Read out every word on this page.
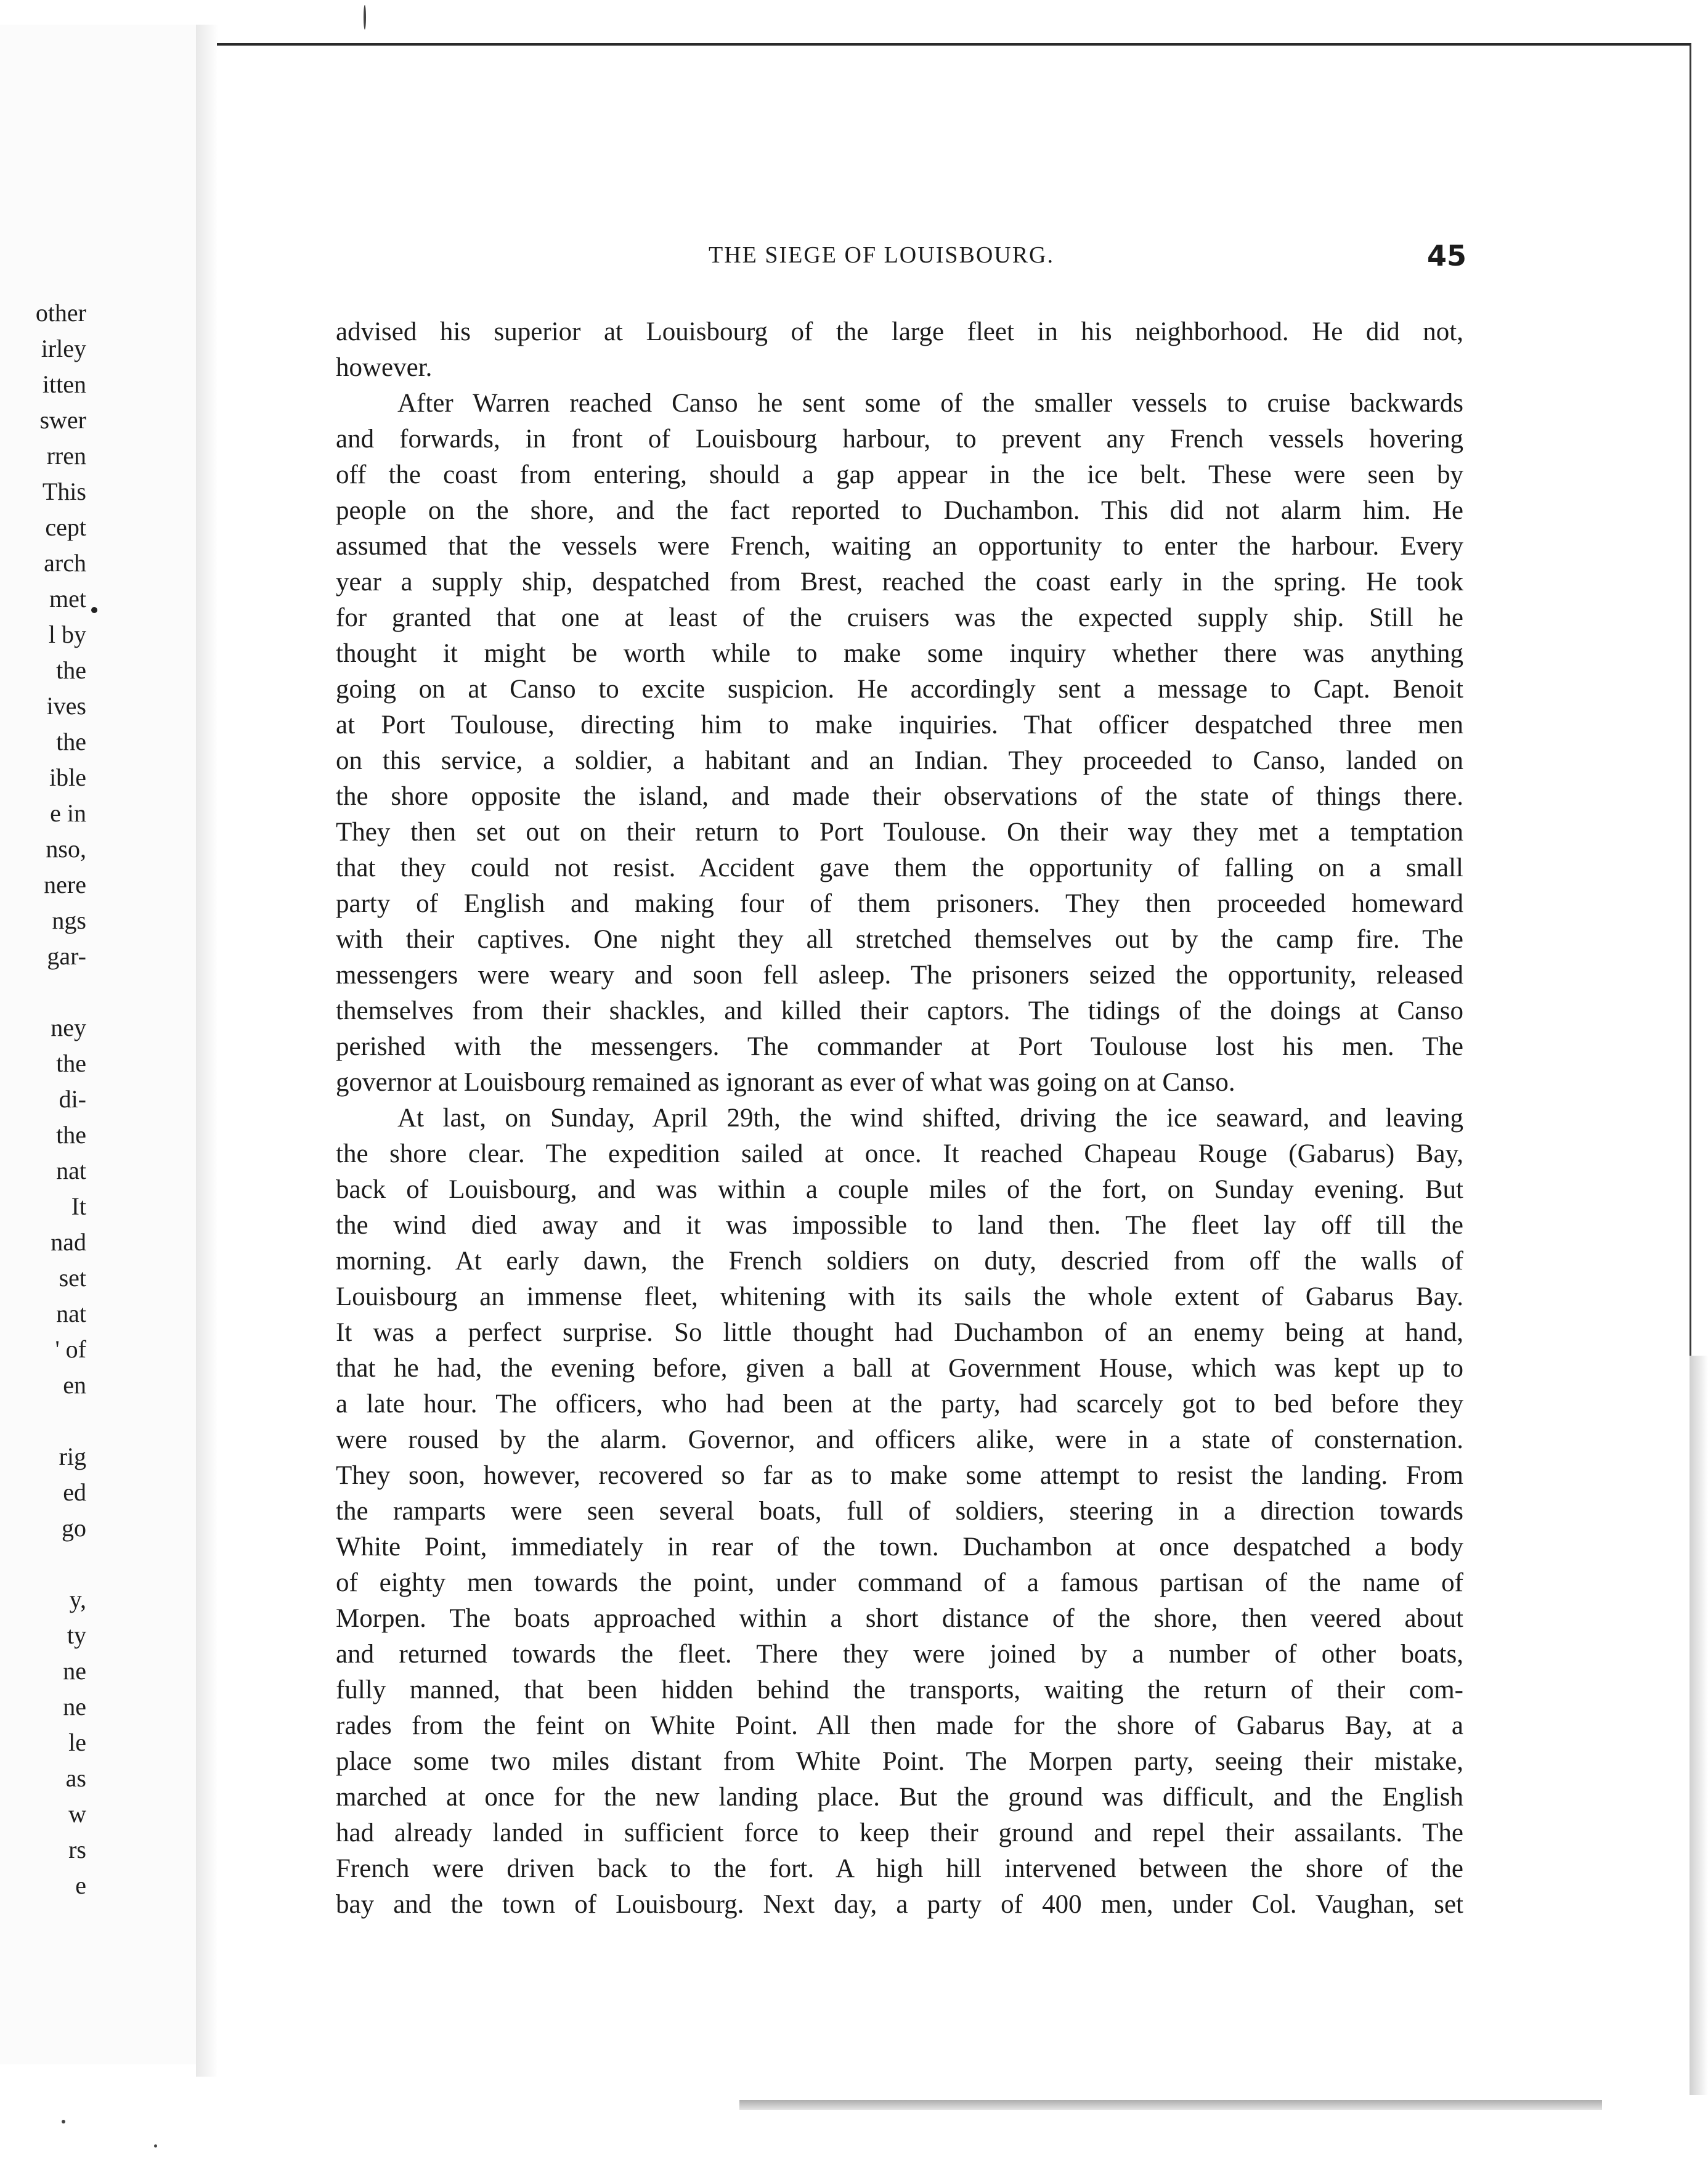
other
irley
itten
swer
rren
This
cept
arch
met
l by
the
ives
the
ible
e in
nso,
nere
ngs
gar-
ney
the
di-
the
nat
It
nad
set
nat
' of
en
rig
ed
go
y,
ty
ne
ne
le
as
w
rs
e
THE SIEGE OF LOUISBOURG.	45
advised his superior at Louisbourg of the large fleet in his neighborhood. He did not,
however.
After Warren reached Canso he sent some of the smaller vessels to cruise backwards
and forwards, in front of Louisbourg harbour, to prevent any French vessels hovering
off the coast from entering, should a gap appear in the ice belt. These were seen by
people on the shore, and the fact reported to Duchambon. This did not alarm him. He
assumed that the vessels were French, waiting an opportunity to enter the harbour. Every
year a supply ship, despatched from Brest, reached the coast early in the spring. He took
for granted that one at least of the cruisers was the expected supply ship. Still he
thought it might be worth while to make some inquiry whether there was anything
going on at Canso to excite suspicion. He accordingly sent a message to Capt. Benoit
at Port Toulouse, directing him to make inquiries. That officer despatched three men
on this service, a soldier, a habitant and an Indian. They proceeded to Canso, landed on
the shore opposite the island, and made their observations of the state of things there.
They then set out on their return to Port Toulouse. On their way they met a temptation
that they could not resist. Accident gave them the opportunity of falling on a small
party of English and making four of them prisoners. They then proceeded homeward
with their captives. One night they all stretched themselves out by the camp fire. The
messengers were weary and soon fell asleep. The prisoners seized the opportunity, released
themselves from their shackles, and killed their captors. The tidings of the doings at Canso
perished with the messengers. The commander at Port Toulouse lost his men. The
governor at Louisbourg remained as ignorant as ever of what was going on at Canso.
At last, on Sunday, April 29th, the wind shifted, driving the ice seaward, and leaving
the shore clear. The expedition sailed at once. It reached Chapeau Rouge (Gabarus) Bay,
back of Louisbourg, and was within a couple miles of the fort, on Sunday evening. But
the wind died away and it was impossible to land then. The fleet lay off till the
morning. At early dawn, the French soldiers on duty, descried from off the walls of
Louisbourg an immense fleet, whitening with its sails the whole extent of Gabarus Bay.
It was a perfect surprise. So little thought had Duchambon of an enemy being at hand,
that he had, the evening before, given a ball at Government House, which was kept up to
a late hour. The officers, who had been at the party, had scarcely got to bed before they
were roused by the alarm. Governor, and officers alike, were in a state of consternation.
They soon, however, recovered so far as to make some attempt to resist the landing. From
the ramparts were seen several boats, full of soldiers, steering in a direction towards
White Point, immediately in rear of the town. Duchambon at once despatched a body
of eighty men towards the point, under command of a famous partisan of the name of
Morpen. The boats approached within a short distance of the shore, then veered about
and returned towards the fleet. There they were joined by a number of other boats,
fully manned, that been hidden behind the transports, waiting the return of their com-
rades from the feint on White Point. All then made for the shore of Gabarus Bay, at a
place some two miles distant from White Point. The Morpen party, seeing their mistake,
marched at once for the new landing place. But the ground was difficult, and the English
had already landed in sufficient force to keep their ground and repel their assailants. The
French were driven back to the fort. A high hill intervened between the shore of the
bay and the town of Louisbourg. Next day, a party of 400 men, under Col. Vaughan, set
